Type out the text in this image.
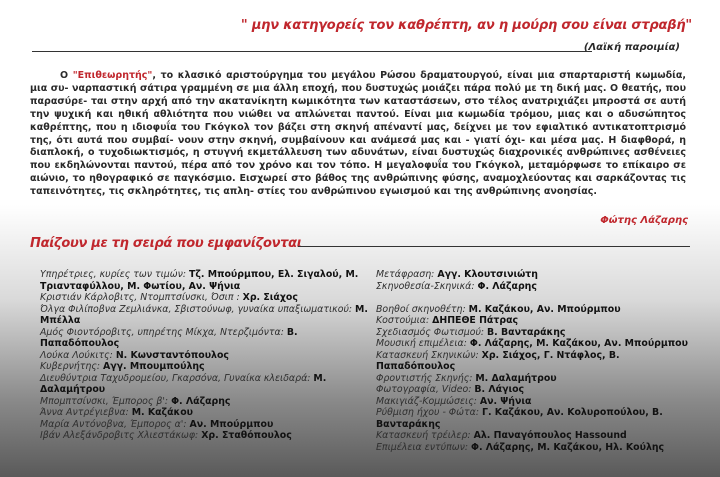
" μην κατηγορείς τον καθρέπτη, αν η μούρη σου είναι στραβή"

(Λαϊκή παροιμία)

Ο "Επιθεωρητής", το κλασικό αριστούργημα του μεγάλου Ρώσου δραματουργού, είναι μια σπαρταριστή κωμωδία, μια συ- ναρπαστική σάτιρα γραμμένη σε μια άλλη εποχή, που δυστυχώς μοιάζει πάρα πολύ με τη δική μας. Ο θεατής, που παρασύρε- ται στην αρχή από την ακατανίκητη κωμικότητα των καταστάσεων, στο τέλος ανατριχιάζει μπροστά σε αυτή την ψυχική και ηθική αθλιότητα που νιώθει να απλώνεται παντού. Είναι μια κωμωδία τρόμου, μιας και ο αδυσώπητος καθρέπτης, που η ιδιοφυΐα του Γκόγκολ τον βάζει στη σκηνή απέναντί μας, δείχνει με τον εφιαλτικό αντικατοπτρισμό της, ότι αυτά που συμβαί- νουν στην σκηνή, συμβαίνουν και ανάμεσά μας και - γιατί όχι- και μέσα μας. Η διαφθορά, η διαπλοκή, ο τυχοδιωκτισμός, η στυγνή εκμετάλλευση των αδυνάτων, είναι δυστυχώς διαχρονικές ανθρώπινες ασθένειες που εκδηλώνονται παντού, πέρα από τον χρόνο και τον τόπο. Η μεγαλοφυΐα του Γκόγκολ, μεταμόρφωσε το επίκαιρο σε αιώνιο, το ηθογραφικό σε παγκόσμιο. Εισχωρεί στο βάθος της ανθρώπινης φύσης, αναμοχλεύοντας και σαρκάζοντας τις ταπεινότητες, τις σκληρότητες, τις απλη- στίες του ανθρώπινου εγωισμού και της ανθρώπινης ανοησίας.

Φώτης Λάζαρης

Παίζουν με τη σειρά που εμφανίζονται
Υπηρέτριες, κυρίες των τιμών: Τζ. Μπούρμπου, Ελ. Σιγαλού, Μ. Τριανταφύλλου, Μ. Φωτίου, Αν. Ψήνια
Κριστιάν Κάρλοβιτς, Ντομπτσίνσκι, Όσιπ : Χρ. Σιάχος
Όλγα Φιλίποβνα Ζεμλιάνκα, Σβιστούνωφ, γυναίκα υπαξιωματικού: Μ. Μπέλλα
Αμός Φιοντόροβιτς, υπηρέτης Μίκχα, Ντερζιμόντα: Β. Παπαδόπουλος
Λούκα Λούκιτς: Ν. Κωνσταντόπουλος
Κυβερνήτης: Αγγ. Μπουμπούλης
Διευθύντρια Ταχυδρομείου, Γκαρσόνα, Γυναίκα κλειδαρά: Μ. Δαλαμήτρου
Μπομπτσίνσκι, Έμπορος β': Φ. Λάζαρης
Άννα Αντρέγιεβνα: Μ. Καζάκου
Μαρία Αντόνοβνα, Έμπορος α': Αν. Μπούρμπου
Ιβάν Αλεξάνδροβιτς Χλιεστάκωφ: Χρ. Σταθόπουλος
Μετάφραση: Αγγ. Κλουτσινιώτη
Σκηνοθεσία-Σκηνικά: Φ. Λάζαρης
Βοηθοί σκηνοθέτη: Μ. Καζάκου, Αν. Μπούρμπου
Κοστούμια: ΔΗΠΕΘΕ Πάτρας
Σχεδιασμός Φωτισμού: Β. Βανταράκης
Μουσική επιμέλεια: Φ. Λάζαρης, Μ. Καζάκου, Αν. Μπούρμπου
Κατασκευή Σκηνικών: Χρ. Σιάχος, Γ. Ντάφλος, Β. Παπαδόπουλος
Φροντιστής Σκηνής: Μ. Δαλαμήτρου
Φωτογραφία, Video: Β. Λάγιος
Μακιγιάζ-Κομμώσεις: Αν. Ψήνια
Ρύθμιση ήχου - Φώτα: Γ. Καζάκου, Αν. Κολυροπούλου, Β. Βανταράκης
Κατασκευή τρέιλερ: Αλ. Παναγόπουλος Hassound
Επιμέλεια εντύπων: Φ. Λάζαρης, Μ. Καζάκου, Ηλ. Κούλης
